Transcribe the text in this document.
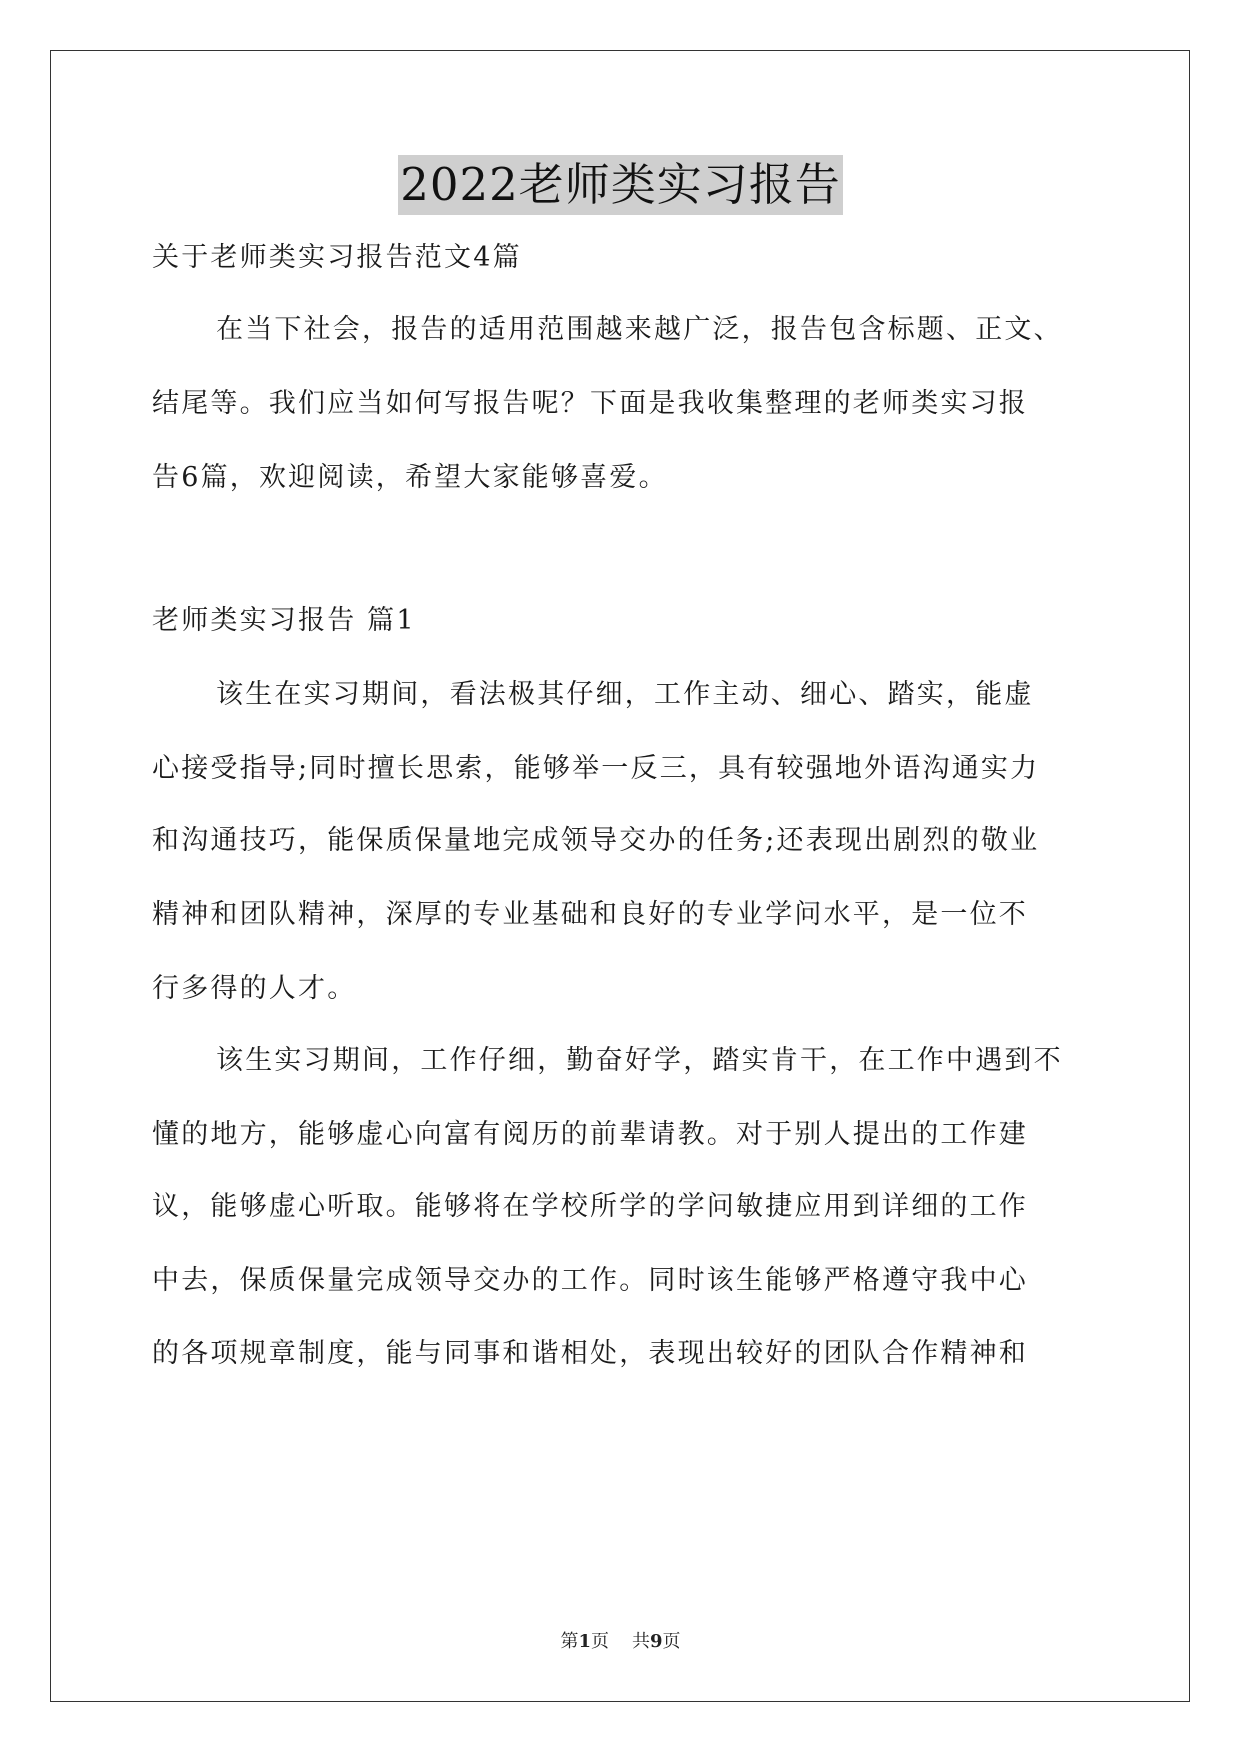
2022老师类实习报告
关于老师类实习报告范文4篇
在当下社会，报告的适用范围越来越广泛，报告包含标题、正文、
结尾等。我们应当如何写报告呢？下面是我收集整理的老师类实习报
告6篇，欢迎阅读，希望大家能够喜爱。
老师类实习报告 篇1
该生在实习期间，看法极其仔细，工作主动、细心、踏实，能虚
心接受指导;同时擅长思索，能够举一反三，具有较强地外语沟通实力
和沟通技巧，能保质保量地完成领导交办的任务;还表现出剧烈的敬业
精神和团队精神，深厚的专业基础和良好的专业学问水平，是一位不
行多得的人才。
该生实习期间，工作仔细，勤奋好学，踏实肯干，在工作中遇到不
懂的地方，能够虚心向富有阅历的前辈请教。对于别人提出的工作建
议，能够虚心听取。能够将在学校所学的学问敏捷应用到详细的工作
中去，保质保量完成领导交办的工作。同时该生能够严格遵守我中心
的各项规章制度，能与同事和谐相处，表现出较好的团队合作精神和
第1页 共9页
